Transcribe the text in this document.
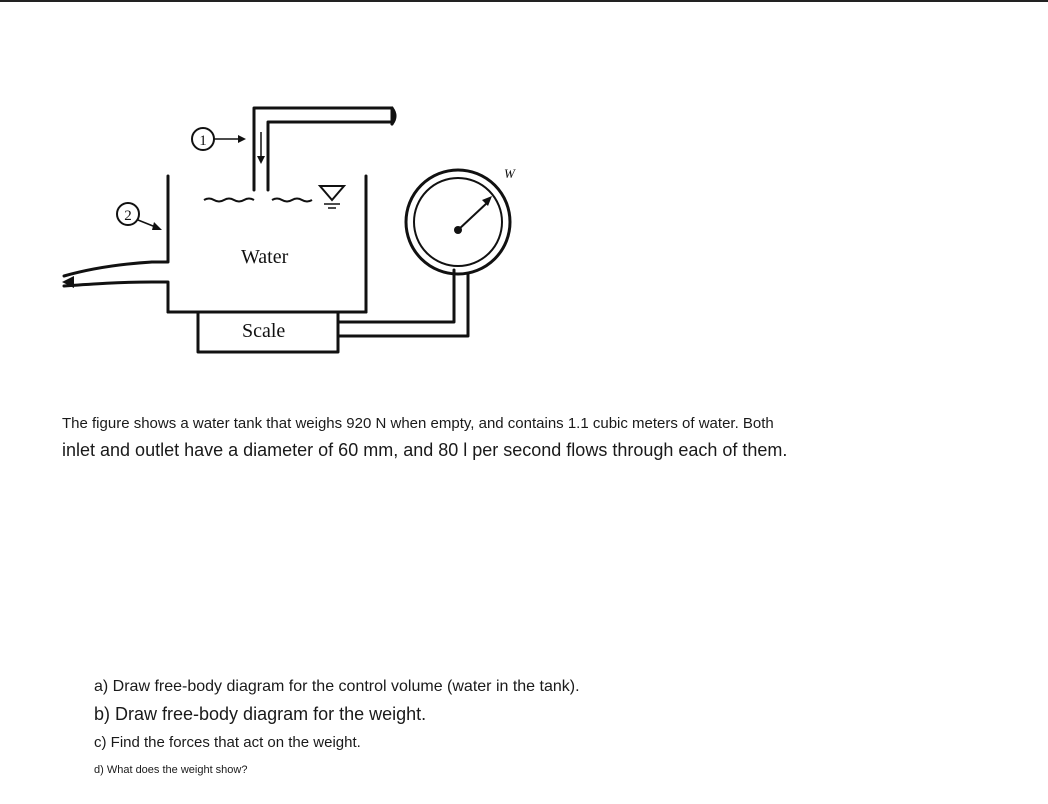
1
2
Water
Scale
W
The figure shows a water tank that weighs 920 N when empty, and contains 1.1 cubic meters of water. Both
inlet and outlet have a diameter of 60 mm, and 80 l per second flows through each of them.
a) Draw free-body diagram for the control volume (water in the tank).
b) Draw free-body diagram for the weight.
c) Find the forces that act on the weight.
d) What does the weight show?
